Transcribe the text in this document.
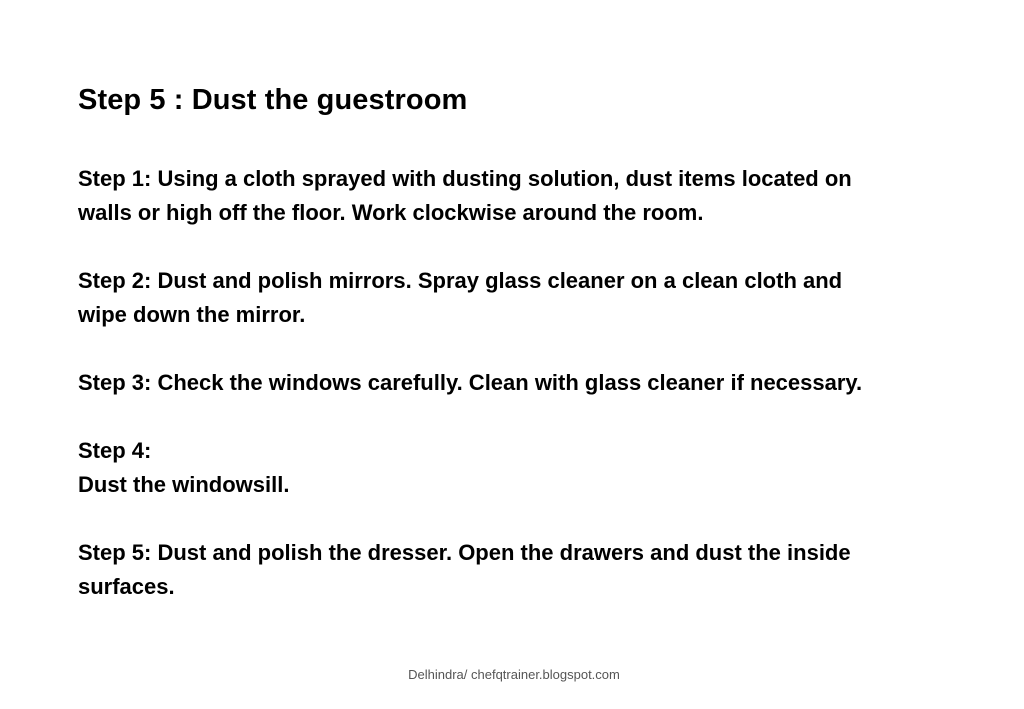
Step 5 : Dust the guestroom
Step 1: Using a cloth sprayed with dusting solution, dust items located on
walls or high off the floor. Work clockwise around the room.
Step 2: Dust and polish mirrors. Spray glass cleaner on a clean cloth and
wipe down the mirror.
Step 3: Check the windows carefully. Clean with glass cleaner if necessary.
Step 4:
Dust the windowsill.
Step 5: Dust and polish the dresser. Open the drawers and dust the inside
surfaces.
Delhindra/ chefqtrainer.blogspot.com
